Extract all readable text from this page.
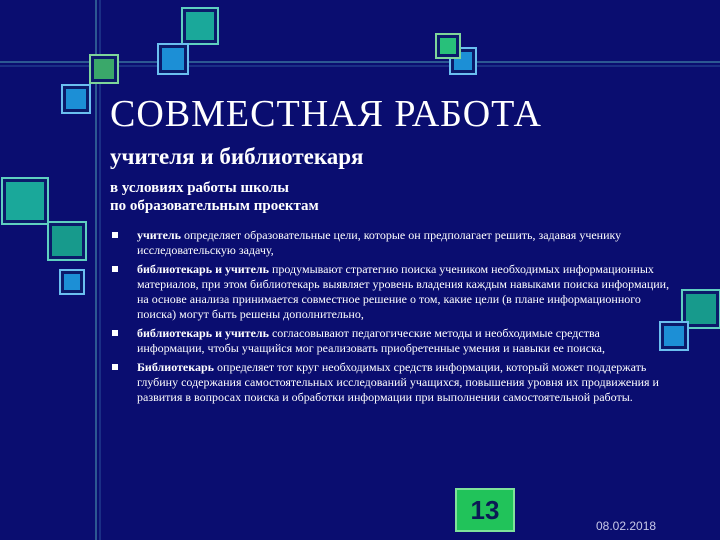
СОВМЕСТНАЯ РАБОТА
учителя и библиотекаря
в условиях работы школы
по образовательным проектам
учитель определяет образовательные цели, которые он предполагает решить, задавая ученику исследовательскую задачу,
библиотекарь и учитель продумывают стратегию поиска учеником необходимых информационных материалов, при этом библиотекарь выявляет уровень владения каждым навыками поиска информации, на основе анализа принимается совместное решение о том, какие цели (в плане информационного поиска) могут быть решены дополнительно,
библиотекарь и учитель согласовывают педагогические методы и необходимые средства информации, чтобы учащийся мог реализовать приобретенные умения и навыки ее поиска,
Библиотекарь определяет тот круг необходимых средств информации, который может поддержать глубину содержания самостоятельных исследований учащихся, повышения уровня их продвижения и развития в вопросах поиска и обработки информации при выполнении самостоятельной работы.
13
08.02.2018
